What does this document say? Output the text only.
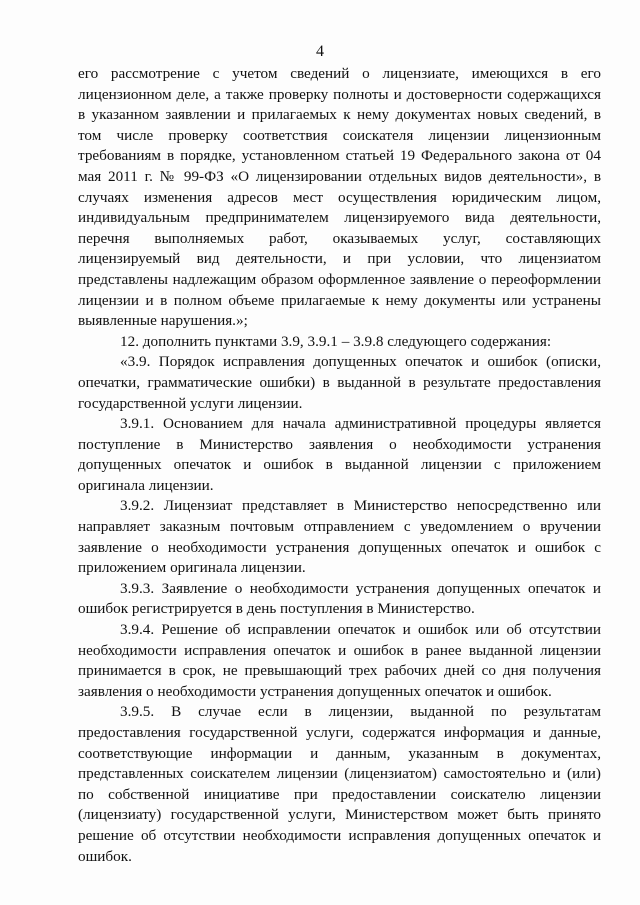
4

его рассмотрение с учетом сведений о лицензиате, имеющихся в его лицензионном деле, а также проверку полноты и достоверности содержащихся в указанном заявлении и прилагаемых к нему документах новых сведений, в том числе проверку соответствия соискателя лицензии лицензионным требованиям в порядке, установленном статьей 19 Федерального закона от 04 мая 2011 г. № 99-ФЗ «О лицензировании отдельных видов деятельности», в случаях изменения адресов мест осуществления юридическим лицом, индивидуальным предпринимателем лицензируемого вида деятельности, перечня выполняемых работ, оказываемых услуг, составляющих лицензируемый вид деятельности, и при условии, что лицензиатом представлены надлежащим образом оформленное заявление о переоформлении лицензии и в полном объеме прилагаемые к нему документы или устранены выявленные нарушения.»;

12. дополнить пунктами 3.9, 3.9.1 – 3.9.8 следующего содержания:

«3.9. Порядок исправления допущенных опечаток и ошибок (описки, опечатки, грамматические ошибки) в выданной в результате предоставления государственной услуги лицензии.

3.9.1. Основанием для начала административной процедуры является поступление в Министерство заявления о необходимости устранения допущенных опечаток и ошибок в выданной лицензии с приложением оригинала лицензии.

3.9.2. Лицензиат представляет в Министерство непосредственно или направляет заказным почтовым отправлением с уведомлением о вручении заявление о необходимости устранения допущенных опечаток и ошибок с приложением оригинала лицензии.

3.9.3. Заявление о необходимости устранения допущенных опечаток и ошибок регистрируется в день поступления в Министерство.

3.9.4. Решение об исправлении опечаток и ошибок или об отсутствии необходимости исправления опечаток и ошибок в ранее выданной лицензии принимается в срок, не превышающий трех рабочих дней со дня получения заявления о необходимости устранения допущенных опечаток и ошибок.

3.9.5. В случае если в лицензии, выданной по результатам предоставления государственной услуги, содержатся информация и данные, соответствующие информации и данным, указанным в документах, представленных соискателем лицензии (лицензиатом) самостоятельно и (или) по собственной инициативе при предоставлении соискателю лицензии (лицензиату) государственной услуги, Министерством может быть принято решение об отсутствии необходимости исправления допущенных опечаток и ошибок.
